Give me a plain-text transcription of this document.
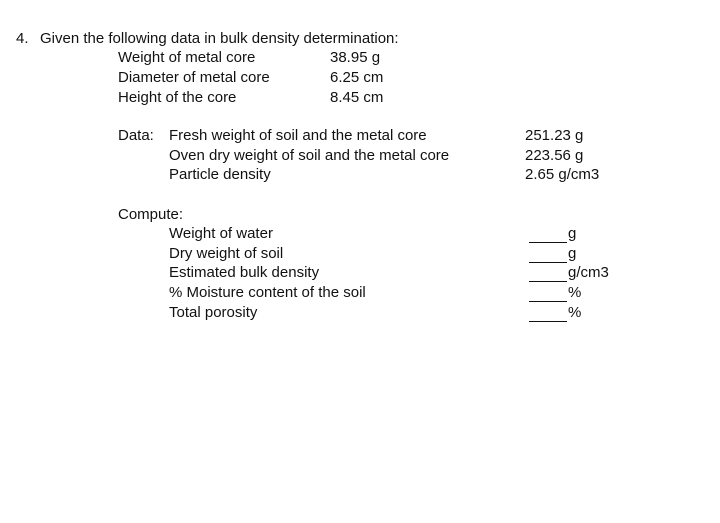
4. Given the following data in bulk density determination:
Weight of metal core	38.95 g
Diameter of metal core	6.25 cm
Height of the core	8.45 cm
Data: Fresh weight of soil and the metal core	251.23 g
Oven dry weight of soil and the metal core	223.56 g
Particle density	2.65 g/cm3
Compute:
Weight of water	g
Dry weight of soil	g
Estimated bulk density	g/cm3
% Moisture content of the soil	%
Total porosity	%
